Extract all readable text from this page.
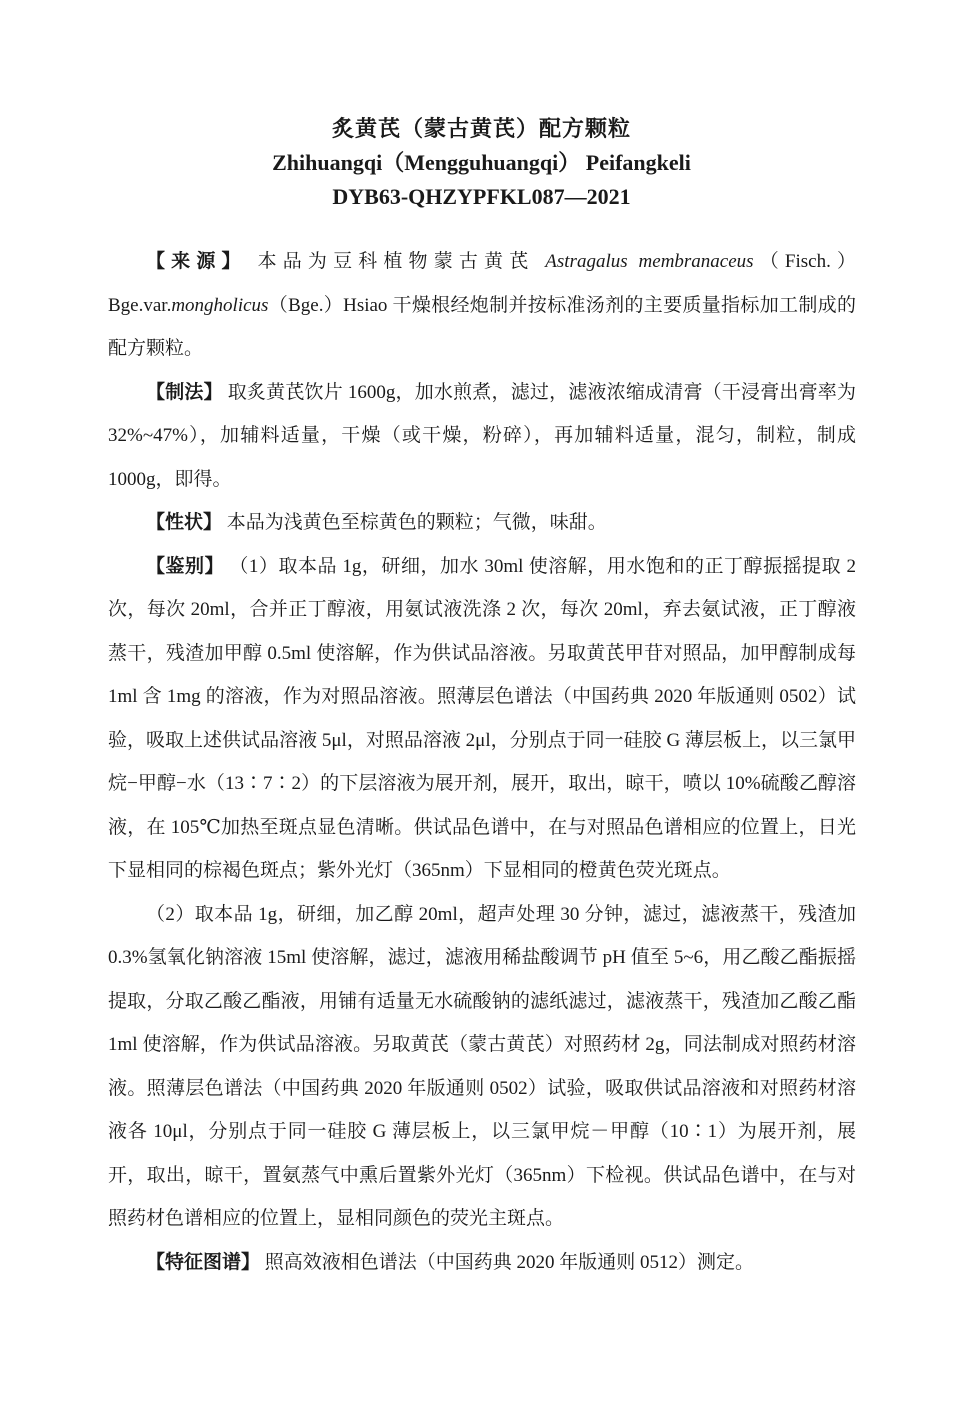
炙黄芪（蒙古黄芪）配方颗粒
Zhihuangqi（Mengguhuangqi） Peifangkeli
DYB63-QHZYPFKL087—2021

【来源】 本品为豆科植物蒙古黄芪 Astragalus membranaceus（Fisch.）Bge.var.mongholicus（Bge.）Hsiao 干燥根经炮制并按标准汤剂的主要质量指标加工制成的配方颗粒。

【制法】 取炙黄芪饮片 1600g，加水煎煮，滤过，滤液浓缩成清膏（干浸膏出膏率为 32%~47%），加辅料适量，干燥（或干燥，粉碎），再加辅料适量，混匀，制粒，制成 1000g，即得。

【性状】 本品为浅黄色至棕黄色的颗粒；气微，味甜。

【鉴别】 （1）取本品 1g，研细，加水 30ml 使溶解，用水饱和的正丁醇振摇提取 2 次，每次 20ml，合并正丁醇液，用氨试液洗涤 2 次，每次 20ml，弃去氨试液，正丁醇液蒸干，残渣加甲醇 0.5ml 使溶解，作为供试品溶液。另取黄芪甲苷对照品，加甲醇制成每 1ml 含 1mg 的溶液，作为对照品溶液。照薄层色谱法（中国药典 2020 年版通则 0502）试验，吸取上述供试品溶液 5μl，对照品溶液 2μl，分别点于同一硅胶 G 薄层板上，以三氯甲烷−甲醇−水（13∶7∶2）的下层溶液为展开剂，展开，取出，晾干，喷以 10%硫酸乙醇溶液，在 105℃加热至斑点显色清晰。供试品色谱中，在与对照品色谱相应的位置上，日光下显相同的棕褐色斑点；紫外光灯（365nm）下显相同的橙黄色荧光斑点。

（2）取本品 1g，研细，加乙醇 20ml，超声处理 30 分钟，滤过，滤液蒸干，残渣加 0.3%氢氧化钠溶液 15ml 使溶解，滤过，滤液用稀盐酸调节 pH 值至 5~6，用乙酸乙酯振摇提取，分取乙酸乙酯液，用铺有适量无水硫酸钠的滤纸滤过，滤液蒸干，残渣加乙酸乙酯 1ml 使溶解，作为供试品溶液。另取黄芪（蒙古黄芪）对照药材 2g，同法制成对照药材溶液。照薄层色谱法（中国药典 2020 年版通则 0502）试验，吸取供试品溶液和对照药材溶液各 10μl，分别点于同一硅胶 G 薄层板上，以三氯甲烷－甲醇（10∶1）为展开剂，展开，取出，晾干，置氨蒸气中熏后置紫外光灯（365nm）下检视。供试品色谱中，在与对照药材色谱相应的位置上，显相同颜色的荧光主斑点。

【特征图谱】 照高效液相色谱法（中国药典 2020 年版通则 0512）测定。
